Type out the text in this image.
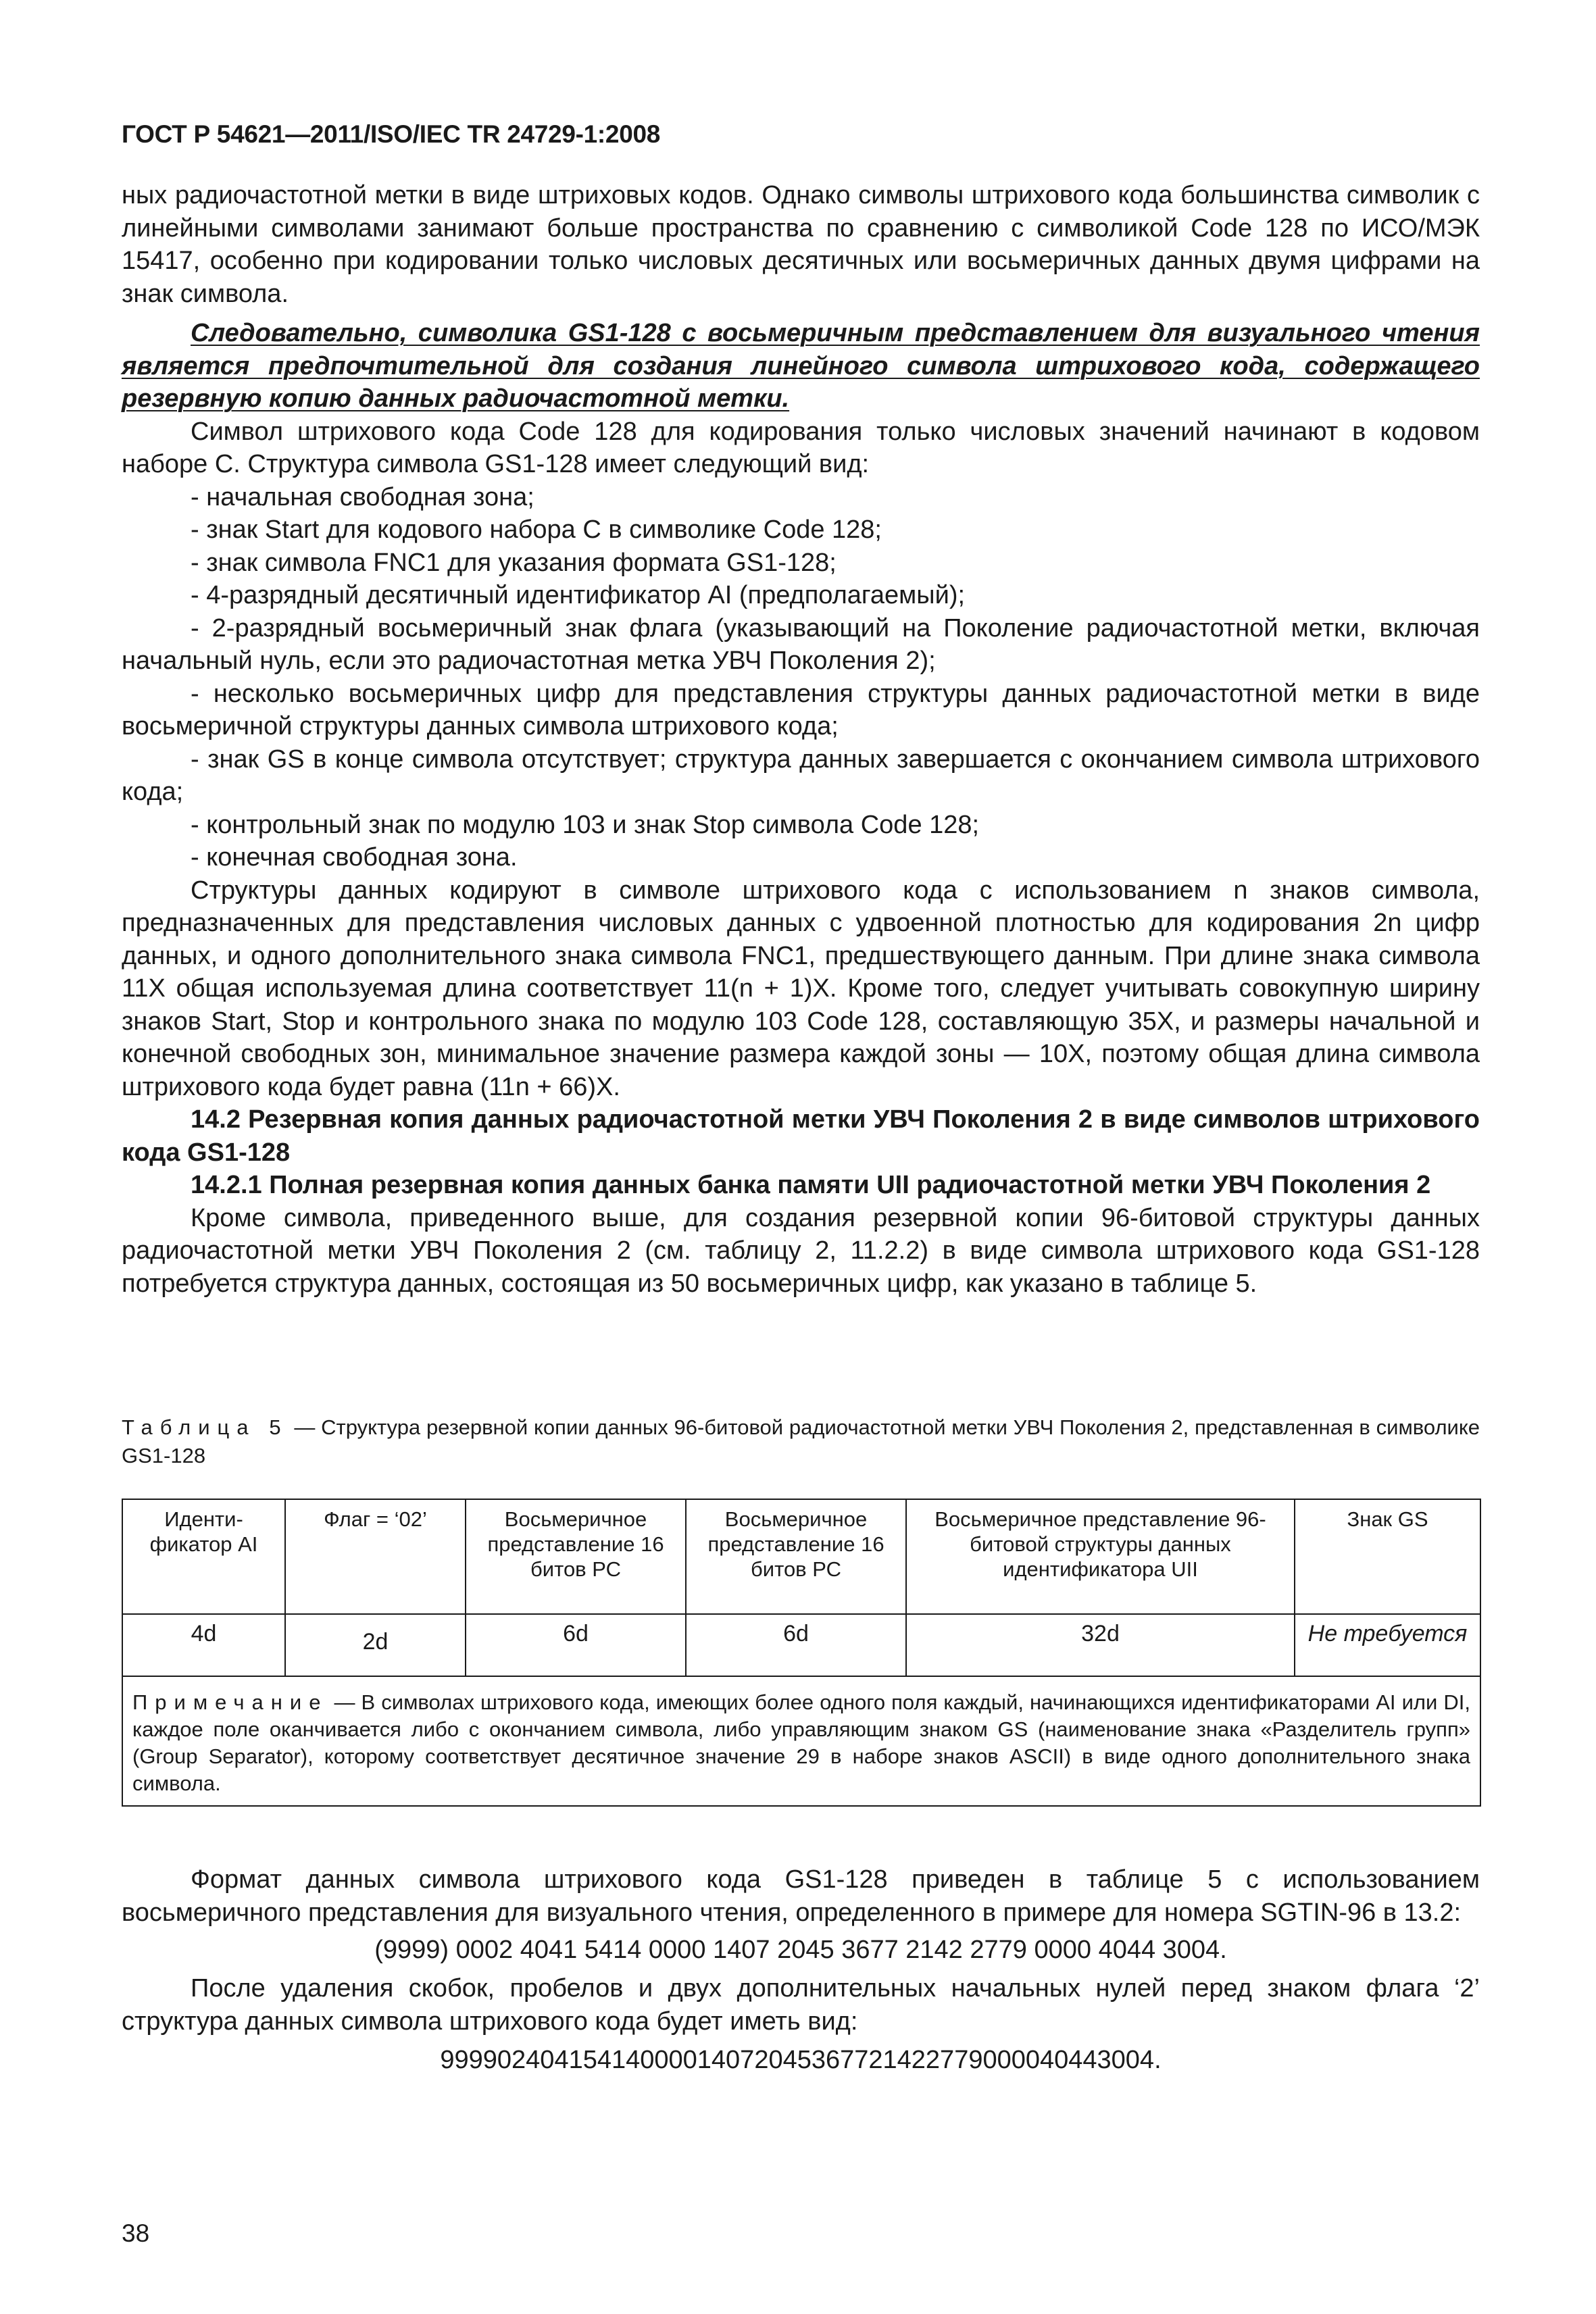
ГОСТ Р 54621—2011/ISO/IEC TR 24729-1:2008

ных радиочастотной метки в виде штриховых кодов. Однако символы штрихового кода большинства символик с линейными символами занимают больше пространства по сравнению с символикой Code 128 по ИСО/МЭК 15417, особенно при кодировании только числовых десятичных или восьмеричных данных двумя цифрами на знак символа.

Следовательно, символика GS1-128 с восьмеричным представлением для визуального чтения является предпочтительной для создания линейного символа штрихового кода, содержащего резервную копию данных радиочастотной метки.

Символ штрихового кода Code 128 для кодирования только числовых значений начинают в кодовом наборе С. Структура символа GS1-128 имеет следующий вид:

- начальная свободная зона;

- знак Start для кодового набора С в символике Code 128;

- знак символа FNC1 для указания формата GS1-128;

- 4-разрядный десятичный идентификатор AI (предполагаемый);

- 2-разрядный восьмеричный знак флага (указывающий на Поколение радиочастотной метки, включая начальный нуль, если это радиочастотная метка УВЧ Поколения 2);

- несколько восьмеричных цифр для представления структуры данных радиочастотной метки в виде восьмеричной структуры данных символа штрихового кода;

- знак GS в конце символа отсутствует; структура данных завершается с окончанием символа штрихового кода;

- контрольный знак по модулю 103 и знак Stop символа Code 128;

- конечная свободная зона.

Структуры данных кодируют в символе штрихового кода с использованием n знаков символа, предназначенных для представления числовых данных с удвоенной плотностью для кодирования 2n цифр данных, и одного дополнительного знака символа FNC1, предшествующего данным. При длине знака символа 11X общая используемая длина соответствует 11(n + 1)X. Кроме того, следует учитывать совокупную ширину знаков Start, Stop и контрольного знака по модулю 103 Code 128, составляющую 35X, и размеры начальной и конечной свободных зон, минимальное значение размера каждой зоны — 10X, поэтому общая длина символа штрихового кода будет равна (11n + 66)X.

14.2 Резервная копия данных радиочастотной метки УВЧ Поколения 2 в виде символов штрихового кода GS1-128

14.2.1 Полная резервная копия данных банка памяти UII радиочастотной метки УВЧ Поколения 2

Кроме символа, приведенного выше, для создания резервной копии 96-битовой структуры данных радиочастотной метки УВЧ Поколения 2 (см. таблицу 2, 11.2.2) в виде символа штрихового кода GS1-128 потребуется структура данных, состоящая из 50 восьмеричных цифр, как указано в таблице 5.

Таблица 5 — Структура резервной копии данных 96-битовой радиочастотной метки УВЧ Поколения 2, представленная в символике GS1-128
Иденти-фикатор AI	Флаг = ‘02’	Восьмеричное представление 16 битов РС	Восьмеричное представление 16 битов РС	Восьмеричное представление 96-битовой структуры данных идентификатора UII	Знак GS
4d	2d	6d	6d	32d	Не требуется
Примечание — В символах штрихового кода, имеющих более одного поля каждый, начинающихся идентификаторами AI или DI, каждое поле оканчивается либо с окончанием символа, либо управляющим знаком GS (наименование знака «Разделитель групп» (Group Separator), которому соответствует десятичное значение 29 в наборе знаков ASCII) в виде одного дополнительного знака символа.					

Формат данных символа штрихового кода GS1-128 приведен в таблице 5 с использованием восьмеричного представления для визуального чтения, определенного в примере для номера SGTIN-96 в 13.2:

(9999) 0002 4041 5414 0000 1407 2045 3677 2142 2779 0000 4044 3004.

После удаления скобок, пробелов и двух дополнительных начальных нулей перед знаком флага ‘2’ структура данных символа штрихового кода будет иметь вид:

99990240415414000014072045367721422779000040443004.

38
